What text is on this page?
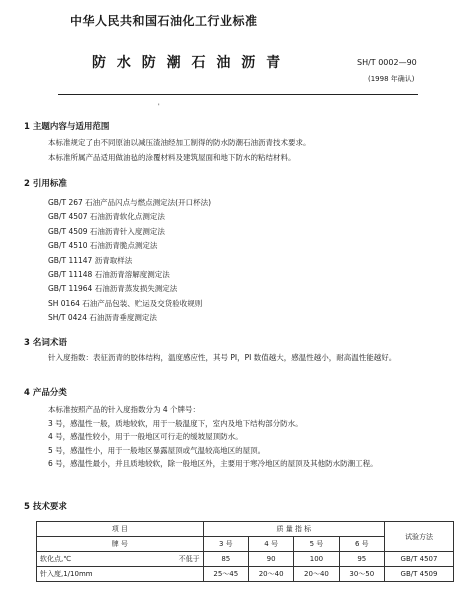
中华人民共和国石油化工行业标准
防 水 防 潮 石 油 沥 青	SH/T 0002—90
(1998 年确认)
'
1 主题内容与适用范围
本标准规定了由不同原油以减压渣油经加工制得的防水防潮石油沥青技术要求。
本标准所属产品适用做油毡的涂覆材料及建筑屋面和地下防水的粘结材料。
2 引用标准
GB/T 267 石油产品闪点与燃点测定法(开口杯法)
GB/T 4507 石油沥青软化点测定法
GB/T 4509 石油沥青针入度测定法
GB/T 4510 石油沥青脆点测定法
GB/T 11147 沥青取样法
GB/T 11148 石油沥青溶解度测定法
GB/T 11964 石油沥青蒸发损失测定法
SH 0164 石油产品包装、贮运及交货验收规则
SH/T 0424 石油沥青垂度测定法
3 名词术语
针入度指数：表征沥青的胶体结构，温度感应性，其号 PI，PI 数值越大，感温性越小，耐高温性能越好。
4 产品分类
本标准按照产品的针入度指数分为 4 个牌号：
3 号，感温性一般，质地较软，用于一般温度下，室内及地下结构部分防水。
4 号，感温性较小，用于一般地区可行走的缓坡屋顶防水。
5 号，感温性小，用于一般地区暴露屋顶或气温较高地区的屋顶。
6 号，感温性最小，并且质地较软，除一般地区外，主要用于寒冷地区的屋顶及其他防水防潮工程。
5 技术要求
项 目		质 量 指 标				试验方法
牌 号		3 号	4 号	5 号	6 号	
软化点,℃	不低于	85	90	100	95	GB/T 4507
针入度,1/10mm		25～45	20～40	20～40	30～50	GB/T 4509
